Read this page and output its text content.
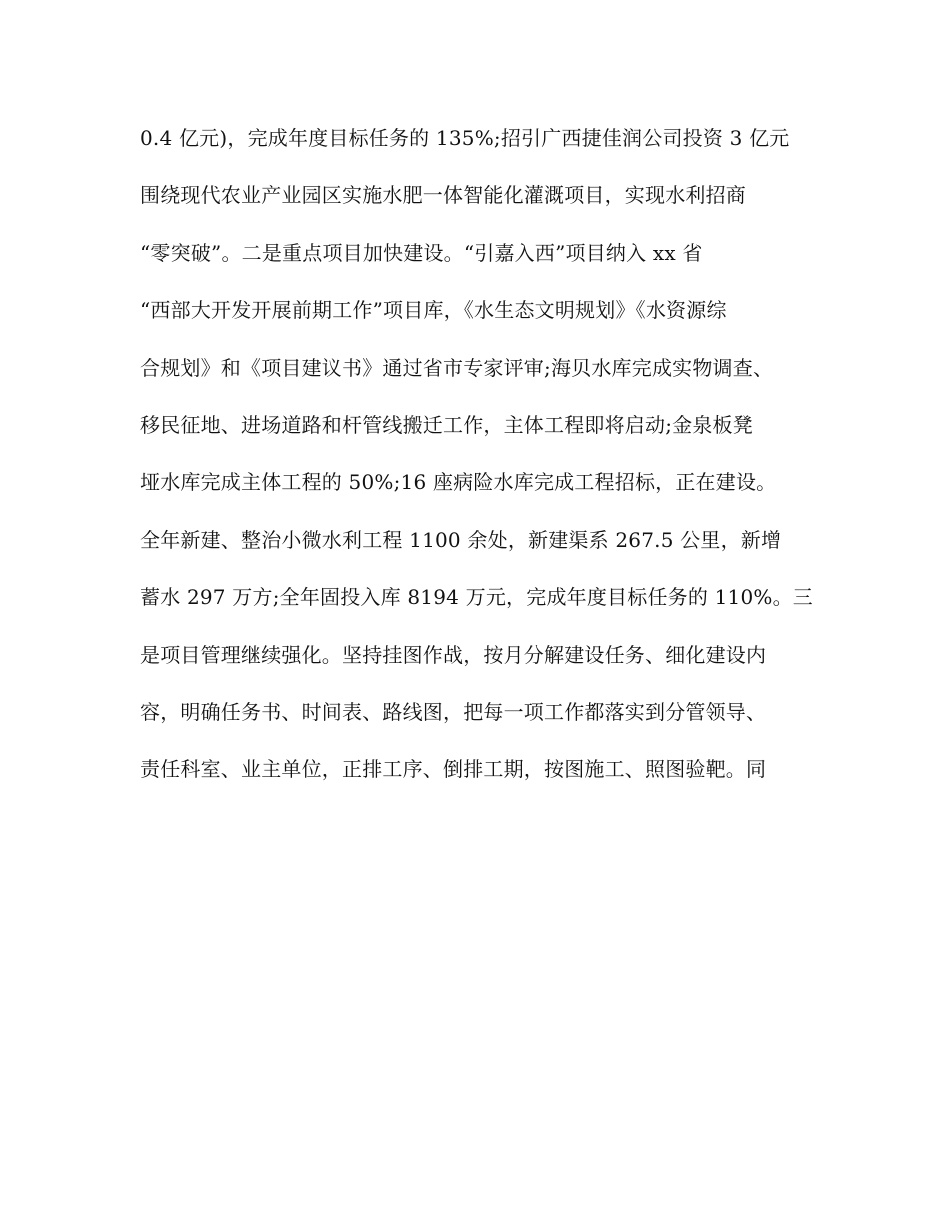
0.4 亿元)，完成年度目标任务的 135%;招引广西捷佳润公司投资 3 亿元
围绕现代农业产业园区实施水肥一体智能化灌溉项目，实现水利招商
“零突破”。二是重点项目加快建设。“引嘉入西”项目纳入 xx 省
“西部大开发开展前期工作”项目库，《水生态文明规划》《水资源综
合规划》和《项目建议书》通过省市专家评审;海贝水库完成实物调查、
移民征地、进场道路和杆管线搬迁工作，主体工程即将启动;金泉板凳
垭水库完成主体工程的 50%;16 座病险水库完成工程招标，正在建设。
全年新建、整治小微水利工程 1100 余处，新建渠系 267.5 公里，新增
蓄水 297 万方;全年固投入库 8194 万元，完成年度目标任务的 110%。三
是项目管理继续强化。坚持挂图作战，按月分解建设任务、细化建设内
容，明确任务书、时间表、路线图，把每一项工作都落实到分管领导、
责任科室、业主单位，正排工序、倒排工期，按图施工、照图验靶。同
